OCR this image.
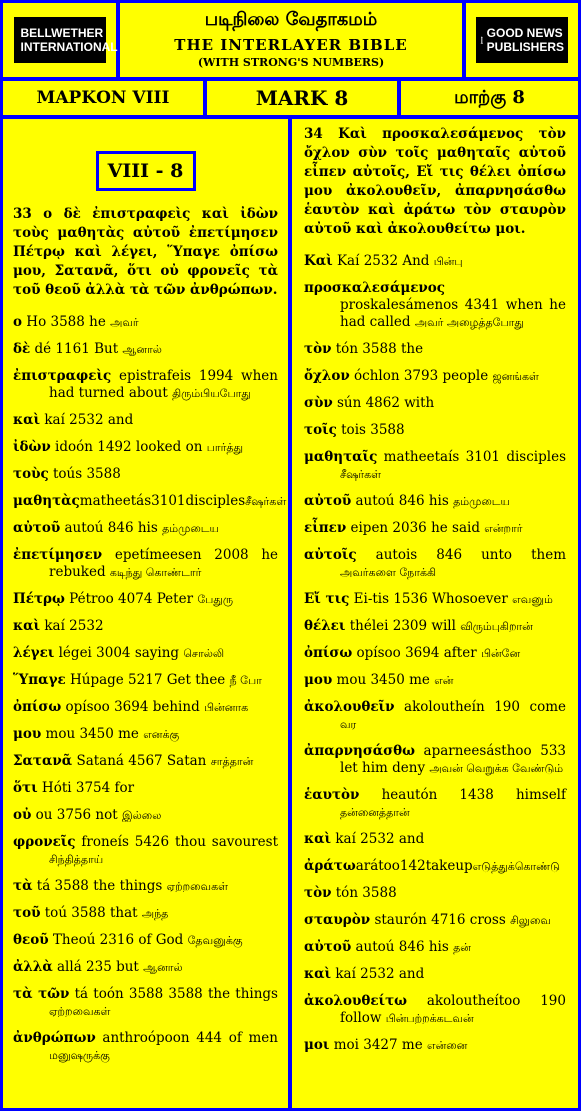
BELLWETHER INTERNATIONAL
படிநிலை வேதாகமம்
THE INTERLAYER BIBLE
(WITH STRONG'S NUMBERS)
GOOD NEWS PUBLISHERS
ΜΑΡΚΟΝ VIII	MARK 8	மாற்கு 8
VIII - 8
33 ο δὲ ἐπιστραφεὶς καὶ ἰδὼν τοὺς μαθητὰς αὐτοῦ ἐπετίμησεν Πέτρῳ καὶ λέγει, Ὕπαγε ὀπίσω μου, Σατανᾶ, ὅτι οὐ φρονεῖς τὰ τοῦ θεοῦ ἀλλὰ τὰ τῶν ἀνθρώπων.
ο Ho 3588 he அவர்
δὲ dé 1161 But ஆனால்
ἐπιστραφεὶς epistrafeis 1994 when had turned about திரும்பியபோது
καὶ kaí 2532 and
ἰδὼν idoón 1492 looked on பார்த்து
τοὺς toús 3588
μαθητὰςmatheetás3101disciplesசீஷர்கள்
αὐτοῦ autoú 846 his தம்முடைய
ἐπετίμησεν epetímeesen 2008 he rebuked கடிந்து கொண்டார்
Πέτρῳ Pétroo 4074 Peter பேதுரு
καὶ kaí 2532
λέγει légei 3004 saying சொல்லி
Ὕπαγε Húpage 5217 Get thee நீ போ
ὀπίσω opísoo 3694 behind பின்னாக
μου mou 3450 me எனக்கு
Σατανᾶ Sataná 4567 Satan சாத்தான்
ὅτι Hóti 3754 for
οὐ ou 3756 not இல்லை
φρονεῖς froneís 5426 thou savourest சிந்தித்தாய்
τὰ tá 3588 the things ஏற்றவைகள்
τοῦ toú 3588 that அந்த
θεοῦ Theoú 2316 of God தேவனுக்கு
ἀλλὰ allá 235 but ஆனால்
τὰ τῶν tá toón 3588 3588 the things ஏற்றவைகள்
ἀνθρώπων anthroópoon 444 of men மனுஷருக்கு
34 Καὶ προσκαλεσάμενος τὸν ὄχλον σὺν τοῖς μαθηταῖς αὐτοῦ εἶπεν αὐτοῖς, Εἴ τις θέλει ὀπίσω μου ἀκολουθεῖν, ἀπαρνησάσθω ἑαυτὸν καὶ ἀράτω τὸν σταυρὸν αὐτοῦ καὶ ἀκολουθείτω μοι.
Καὶ Kaí 2532 And பின்பு
προσκαλεσάμενος proskalesámenos 4341 when he had called அவர் அழைத்தபோது
τὸν tón 3588 the
ὄχλον óchlon 3793 people ஜனங்கள்
σὺν sún 4862 with
τοῖς tois 3588
μαθηταῖς matheetaís 3101 disciples சீஷர்கள்
αὐτοῦ autoú 846 his தம்முடைய
εἶπεν eipen 2036 he said என்றார்
αὐτοῖς autois 846 unto them அவர்களை நோக்கி
Εἴ τις Ei-tis 1536 Whosoever எவனும்
θέλει thélei 2309 will விரும்புகிறான்
ὀπίσω opísoo 3694 after பின்னே
μου mou 3450 me என்
ἀκολουθεῖν akoloutheín 190 come வர
ἀπαρνησάσθω aparneesásthoo 533 let him deny அவன் வெறுக்க வேண்டும்
ἑαυτὸν heautón 1438 himself தன்னைத்தான்
καὶ kaí 2532 and
ἀράτωarátoo142takeupஎடுத்துக்கொண்டு
τὸν tón 3588
σταυρὸν staurón 4716 cross சிலுவை
αὐτοῦ autoú 846 his தன்
καὶ kaí 2532 and
ἀκολουθείτω akoloutheítoo 190 follow பின்பற்றக்கடவன்
μοι moi 3427 me என்னை
